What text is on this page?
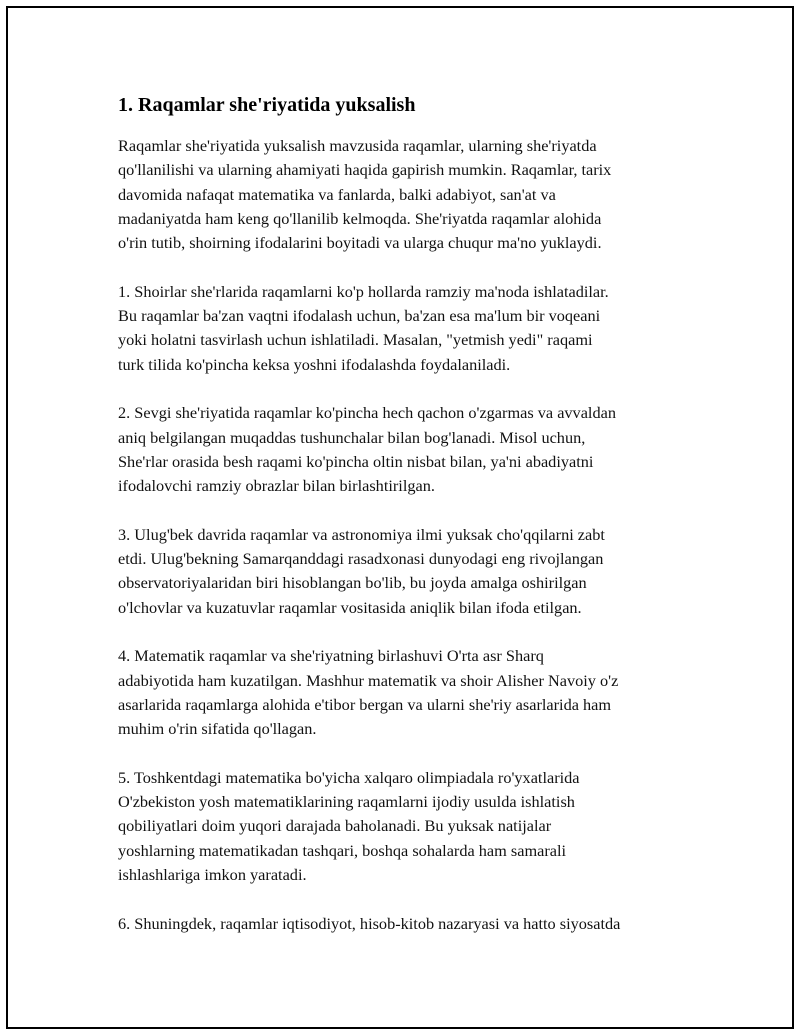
1. Raqamlar she'riyatida yuksalish

Raqamlar she'riyatida yuksalish mavzusida raqamlar, ularning she'riyatda
qo'llanilishi va ularning ahamiyati haqida gapirish mumkin. Raqamlar, tarix
davomida nafaqat matematika va fanlarda, balki adabiyot, san'at va
madaniyatda ham keng qo'llanilib kelmoqda. She'riyatda raqamlar alohida
o'rin tutib, shoirning ifodalarini boyitadi va ularga chuqur ma'no yuklaydi.

1. Shoirlar she'rlarida raqamlarni ko'p hollarda ramziy ma'noda ishlatadilar.
Bu raqamlar ba'zan vaqtni ifodalash uchun, ba'zan esa ma'lum bir voqeani
yoki holatni tasvirlash uchun ishlatiladi. Masalan, "yetmish yedi" raqami
turk tilida ko'pincha keksa yoshni ifodalashda foydalaniladi.

2. Sevgi she'riyatida raqamlar ko'pincha hech qachon o'zgarmas va avvaldan
aniq belgilangan muqaddas tushunchalar bilan bog'lanadi. Misol uchun,
She'rlar orasida besh raqami ko'pincha oltin nisbat bilan, ya'ni abadiyatni
ifodalovchi ramziy obrazlar bilan birlashtirilgan.

3. Ulug'bek davrida raqamlar va astronomiya ilmi yuksak cho'qqilarni zabt
etdi. Ulug'bekning Samarqanddagi rasadxonasi dunyodagi eng rivojlangan
observatoriyalaridan biri hisoblangan bo'lib, bu joyda amalga oshirilgan
o'lchovlar va kuzatuvlar raqamlar vositasida aniqlik bilan ifoda etilgan.

4. Matematik raqamlar va she'riyatning birlashuvi O'rta asr Sharq
adabiyotida ham kuzatilgan. Mashhur matematik va shoir Alisher Navoiy o'z
asarlarida raqamlarga alohida e'tibor bergan va ularni she'riy asarlarida ham
muhim o'rin sifatida qo'llagan.

5. Toshkentdagi matematika bo'yicha xalqaro olimpiadala ro'yxatlarida
O'zbekiston yosh matematiklarining raqamlarni ijodiy usulda ishlatish
qobiliyatlari doim yuqori darajada baholanadi. Bu yuksak natijalar
yoshlarning matematikadan tashqari, boshqa sohalarda ham samarali
ishlashlariga imkon yaratadi.

6. Shuningdek, raqamlar iqtisodiyot, hisob-kitob nazaryasi va hatto siyosatda
